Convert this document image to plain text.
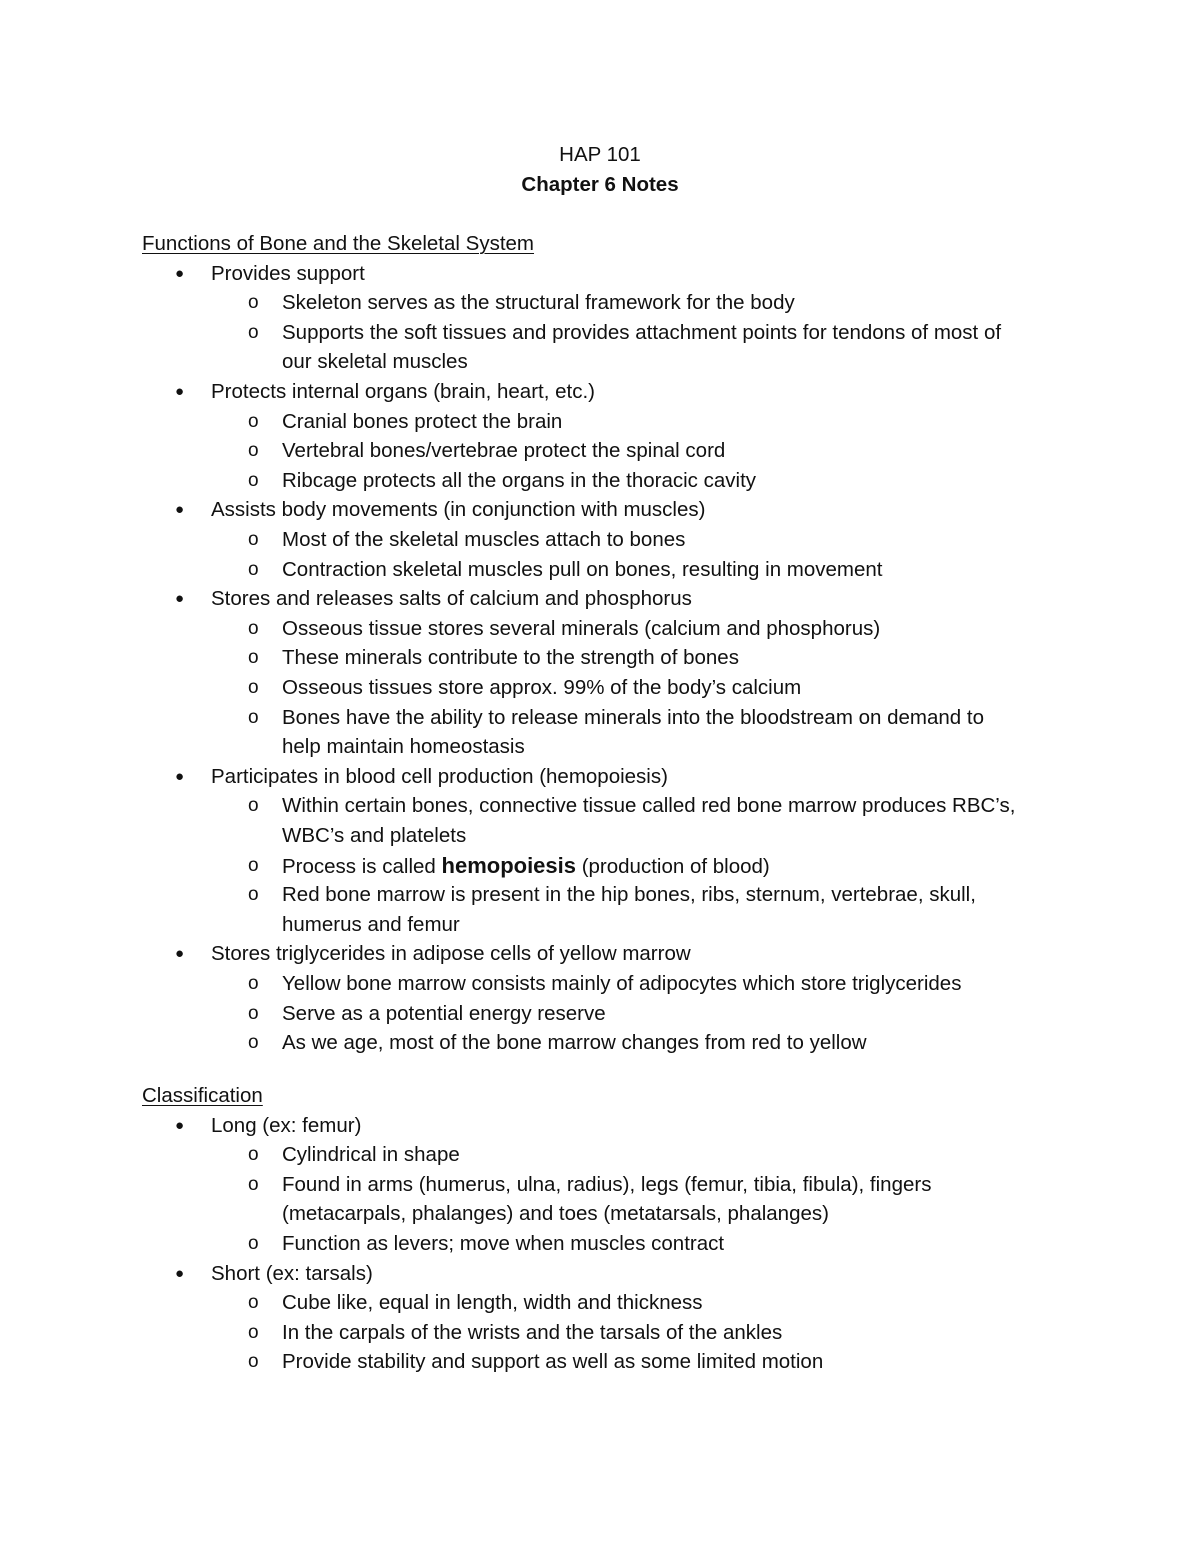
HAP 101
Chapter 6 Notes
Functions of Bone and the Skeletal System
● Provides support
o Skeleton serves as the structural framework for the body
o Supports the soft tissues and provides attachment points for tendons of most of
our skeletal muscles
● Protects internal organs (brain, heart, etc.)
o Cranial bones protect the brain
o Vertebral bones/vertebrae protect the spinal cord
o Ribcage protects all the organs in the thoracic cavity
● Assists body movements (in conjunction with muscles)
o Most of the skeletal muscles attach to bones
o Contraction skeletal muscles pull on bones, resulting in movement
● Stores and releases salts of calcium and phosphorus
o Osseous tissue stores several minerals (calcium and phosphorus)
o These minerals contribute to the strength of bones
o Osseous tissues store approx. 99% of the body’s calcium
o Bones have the ability to release minerals into the bloodstream on demand to
help maintain homeostasis
● Participates in blood cell production (hemopoiesis)
o Within certain bones, connective tissue called red bone marrow produces RBC’s,
WBC’s and platelets
o Process is called hemopoiesis (production of blood)
o Red bone marrow is present in the hip bones, ribs, sternum, vertebrae, skull,
humerus and femur
● Stores triglycerides in adipose cells of yellow marrow
o Yellow bone marrow consists mainly of adipocytes which store triglycerides
o Serve as a potential energy reserve
o As we age, most of the bone marrow changes from red to yellow
Classification
● Long (ex: femur)
o Cylindrical in shape
o Found in arms (humerus, ulna, radius), legs (femur, tibia, fibula), fingers
(metacarpals, phalanges) and toes (metatarsals, phalanges)
o Function as levers; move when muscles contract
● Short (ex: tarsals)
o Cube like, equal in length, width and thickness
o In the carpals of the wrists and the tarsals of the ankles
o Provide stability and support as well as some limited motion
